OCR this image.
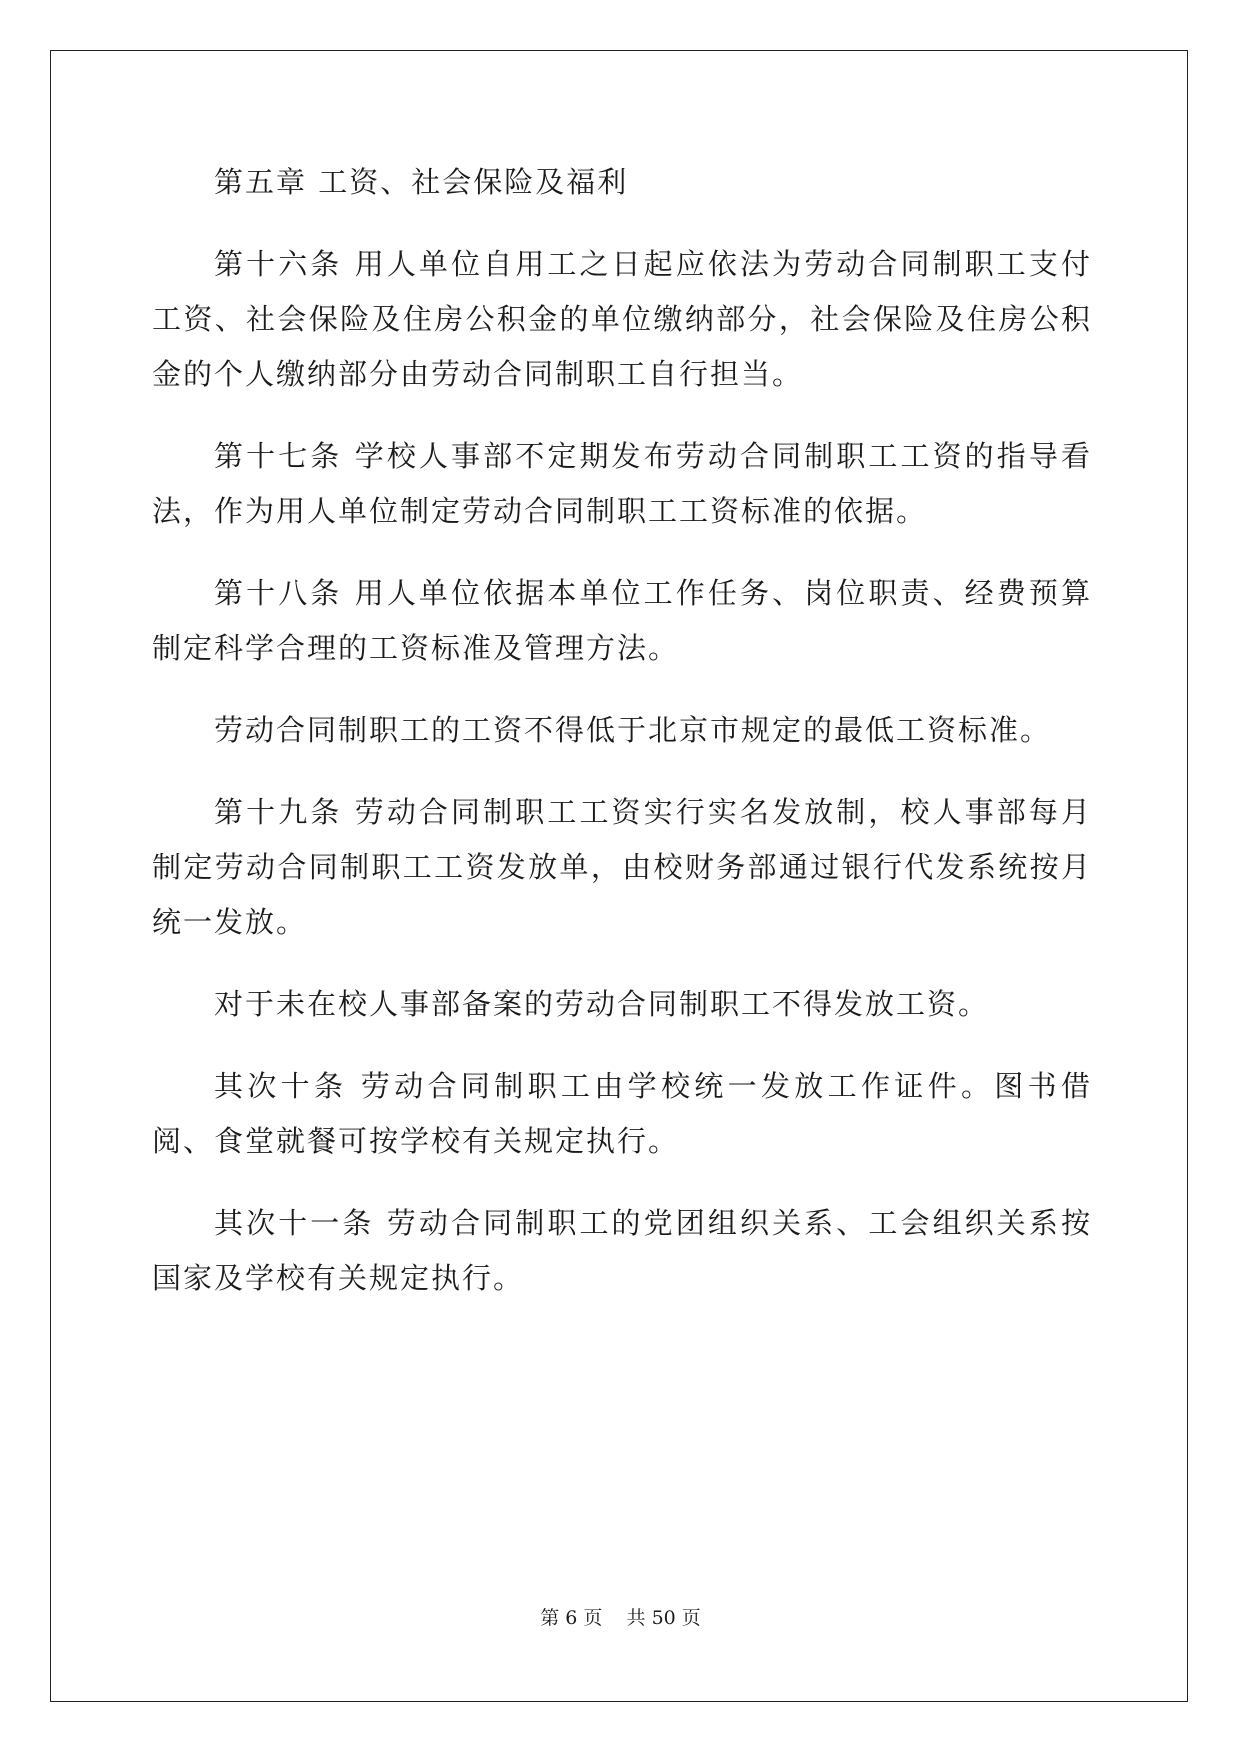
第五章 工资、社会保险及福利

第十六条 用人单位自用工之日起应依法为劳动合同制职工支付工资、社会保险及住房公积金的单位缴纳部分，社会保险及住房公积金的个人缴纳部分由劳动合同制职工自行担当。

第十七条 学校人事部不定期发布劳动合同制职工工资的指导看法，作为用人单位制定劳动合同制职工工资标准的依据。

第十八条 用人单位依据本单位工作任务、岗位职责、经费预算制定科学合理的工资标准及管理方法。

劳动合同制职工的工资不得低于北京市规定的最低工资标准。

第十九条 劳动合同制职工工资实行实名发放制，校人事部每月制定劳动合同制职工工资发放单，由校财务部通过银行代发系统按月统一发放。

对于未在校人事部备案的劳动合同制职工不得发放工资。

其次十条 劳动合同制职工由学校统一发放工作证件。图书借阅、食堂就餐可按学校有关规定执行。

其次十一条 劳动合同制职工的党团组织关系、工会组织关系按国家及学校有关规定执行。

第 6 页 共 50 页
